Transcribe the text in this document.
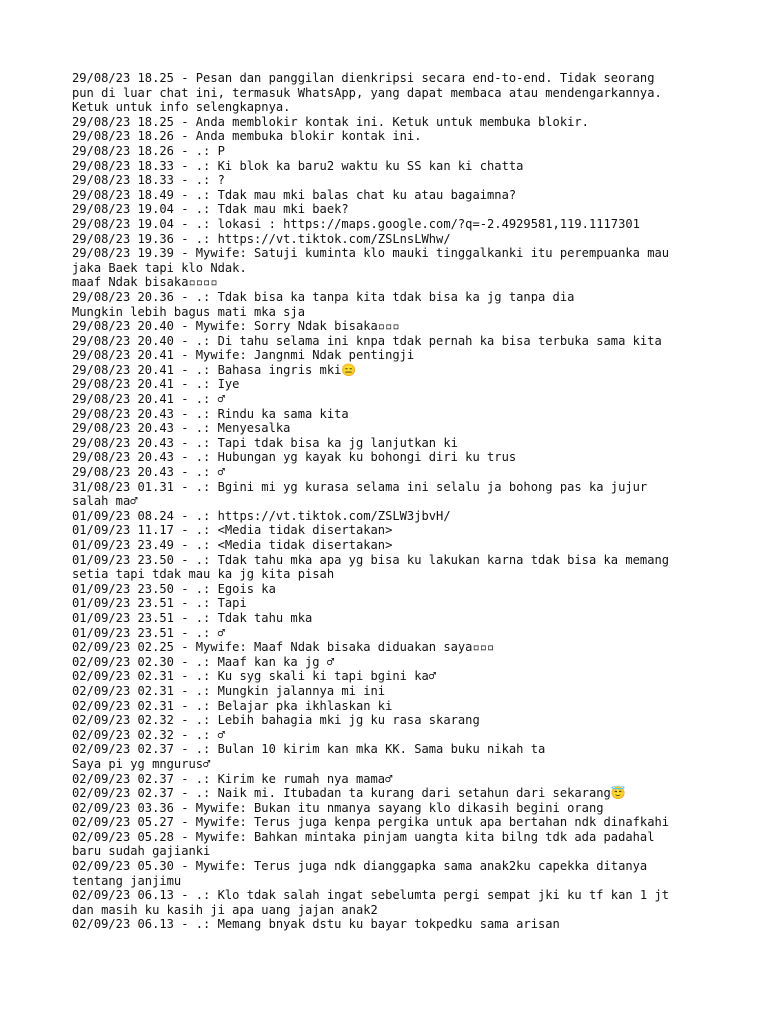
29/08/23 18.25 - Pesan dan panggilan dienkripsi secara end-to-end. Tidak seorang
pun di luar chat ini, termasuk WhatsApp, yang dapat membaca atau mendengarkannya.
Ketuk untuk info selengkapnya.
29/08/23 18.25 - Anda memblokir kontak ini. Ketuk untuk membuka blokir.
29/08/23 18.26 - Anda membuka blokir kontak ini.
29/08/23 18.26 - .: P
29/08/23 18.33 - .: Ki blok ka baru2 waktu ku SS kan ki chatta
29/08/23 18.33 - .: ?
29/08/23 18.49 - .: Tdak mau mki balas chat ku atau bagaimna?
29/08/23 19.04 - .: Tdak mau mki baek?
29/08/23 19.04 - .: lokasi : https://maps.google.com/?q=-2.4929581,119.1117301
29/08/23 19.36 - .: https://vt.tiktok.com/ZSLnsLWhw/
29/08/23 19.39 - Mywife: Satuji kuminta klo mauki tinggalkanki itu perempuanka mau
jaka Baek tapi klo Ndak.
maaf Ndak bisaka▫▫▫▫
29/08/23 20.36 - .: Tdak bisa ka tanpa kita tdak bisa ka jg tanpa dia
Mungkin lebih bagus mati mka sja
29/08/23 20.40 - Mywife: Sorry Ndak bisaka▫▫▫
29/08/23 20.40 - .: Di tahu selama ini knpa tdak pernah ka bisa terbuka sama kita
29/08/23 20.41 - Mywife: Jangnmi Ndak pentingji
29/08/23 20.41 - .: Bahasa ingris mki😑
29/08/23 20.41 - .: Iye
29/08/23 20.41 - .: ♂
29/08/23 20.43 - .: Rindu ka sama kita
29/08/23 20.43 - .: Menyesalka
29/08/23 20.43 - .: Tapi tdak bisa ka jg lanjutkan ki
29/08/23 20.43 - .: Hubungan yg kayak ku bohongi diri ku trus
29/08/23 20.43 - .: ♂
31/08/23 01.31 - .: Bgini mi yg kurasa selama ini selalu ja bohong pas ka jujur
salah ma♂
01/09/23 08.24 - .: https://vt.tiktok.com/ZSLW3jbvH/
01/09/23 11.17 - .: <Media tidak disertakan>
01/09/23 23.49 - .: <Media tidak disertakan>
01/09/23 23.50 - .: Tdak tahu mka apa yg bisa ku lakukan karna tdak bisa ka memang
setia tapi tdak mau ka jg kita pisah
01/09/23 23.50 - .: Egois ka
01/09/23 23.51 - .: Tapi
01/09/23 23.51 - .: Tdak tahu mka
01/09/23 23.51 - .: ♂
02/09/23 02.25 - Mywife: Maaf Ndak bisaka diduakan saya▫▫▫
02/09/23 02.30 - .: Maaf kan ka jg ♂
02/09/23 02.31 - .: Ku syg skali ki tapi bgini ka♂
02/09/23 02.31 - .: Mungkin jalannya mi ini
02/09/23 02.31 - .: Belajar pka ikhlaskan ki
02/09/23 02.32 - .: Lebih bahagia mki jg ku rasa skarang
02/09/23 02.32 - .: ♂
02/09/23 02.37 - .: Bulan 10 kirim kan mka KK. Sama buku nikah ta
Saya pi yg mngurus♂
02/09/23 02.37 - .: Kirim ke rumah nya mama♂
02/09/23 02.37 - .: Naik mi. Itubadan ta kurang dari setahun dari sekarang😇
02/09/23 03.36 - Mywife: Bukan itu nmanya sayang klo dikasih begini orang
02/09/23 05.27 - Mywife: Terus juga kenpa pergika untuk apa bertahan ndk dinafkahi
02/09/23 05.28 - Mywife: Bahkan mintaka pinjam uangta kita bilng tdk ada padahal
baru sudah gajianki
02/09/23 05.30 - Mywife: Terus juga ndk dianggapka sama anak2ku capekka ditanya
tentang janjimu
02/09/23 06.13 - .: Klo tdak salah ingat sebelumta pergi sempat jki ku tf kan 1 jt
dan masih ku kasih ji apa uang jajan anak2
02/09/23 06.13 - .: Memang bnyak dstu ku bayar tokpedku sama arisan
